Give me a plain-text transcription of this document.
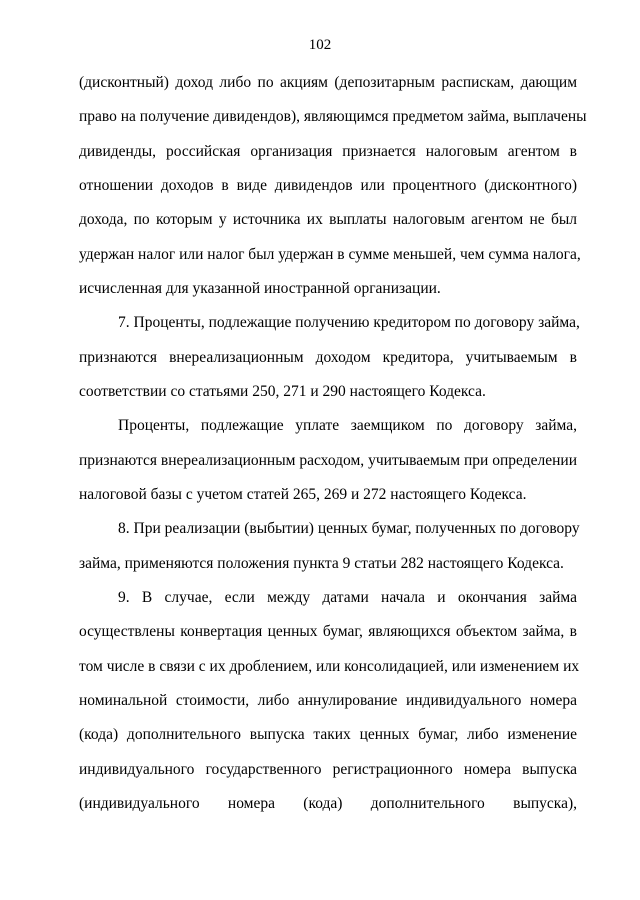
102
(дисконтный) доход либо по акциям (депозитарным распискам, дающим
право на получение дивидендов), являющимся предметом займа, выплачены
дивиденды, российская организация признается налоговым агентом в
отношении доходов в виде дивидендов или процентного (дисконтного)
дохода, по которым у источника их выплаты налоговым агентом не был
удержан налог или налог был удержан в сумме меньшей, чем сумма налога,
исчисленная для указанной иностранной организации.
7. Проценты, подлежащие получению кредитором по договору займа,
признаются внереализационным доходом кредитора, учитываемым в
соответствии со статьями 250, 271 и 290 настоящего Кодекса.
Проценты, подлежащие уплате заемщиком по договору займа,
признаются внереализационным расходом, учитываемым при определении
налоговой базы с учетом статей 265, 269 и 272 настоящего Кодекса.
8. При реализации (выбытии) ценных бумаг, полученных по договору
займа, применяются положения пункта 9 статьи 282 настоящего Кодекса.
9. В случае, если между датами начала и окончания займа
осуществлены конвертация ценных бумаг, являющихся объектом займа, в
том числе в связи с их дроблением, или консолидацией, или изменением их
номинальной стоимости, либо аннулирование индивидуального номера
(кода) дополнительного выпуска таких ценных бумаг, либо изменение
индивидуального государственного регистрационного номера выпуска
(индивидуального номера (кода) дополнительного выпуска),
